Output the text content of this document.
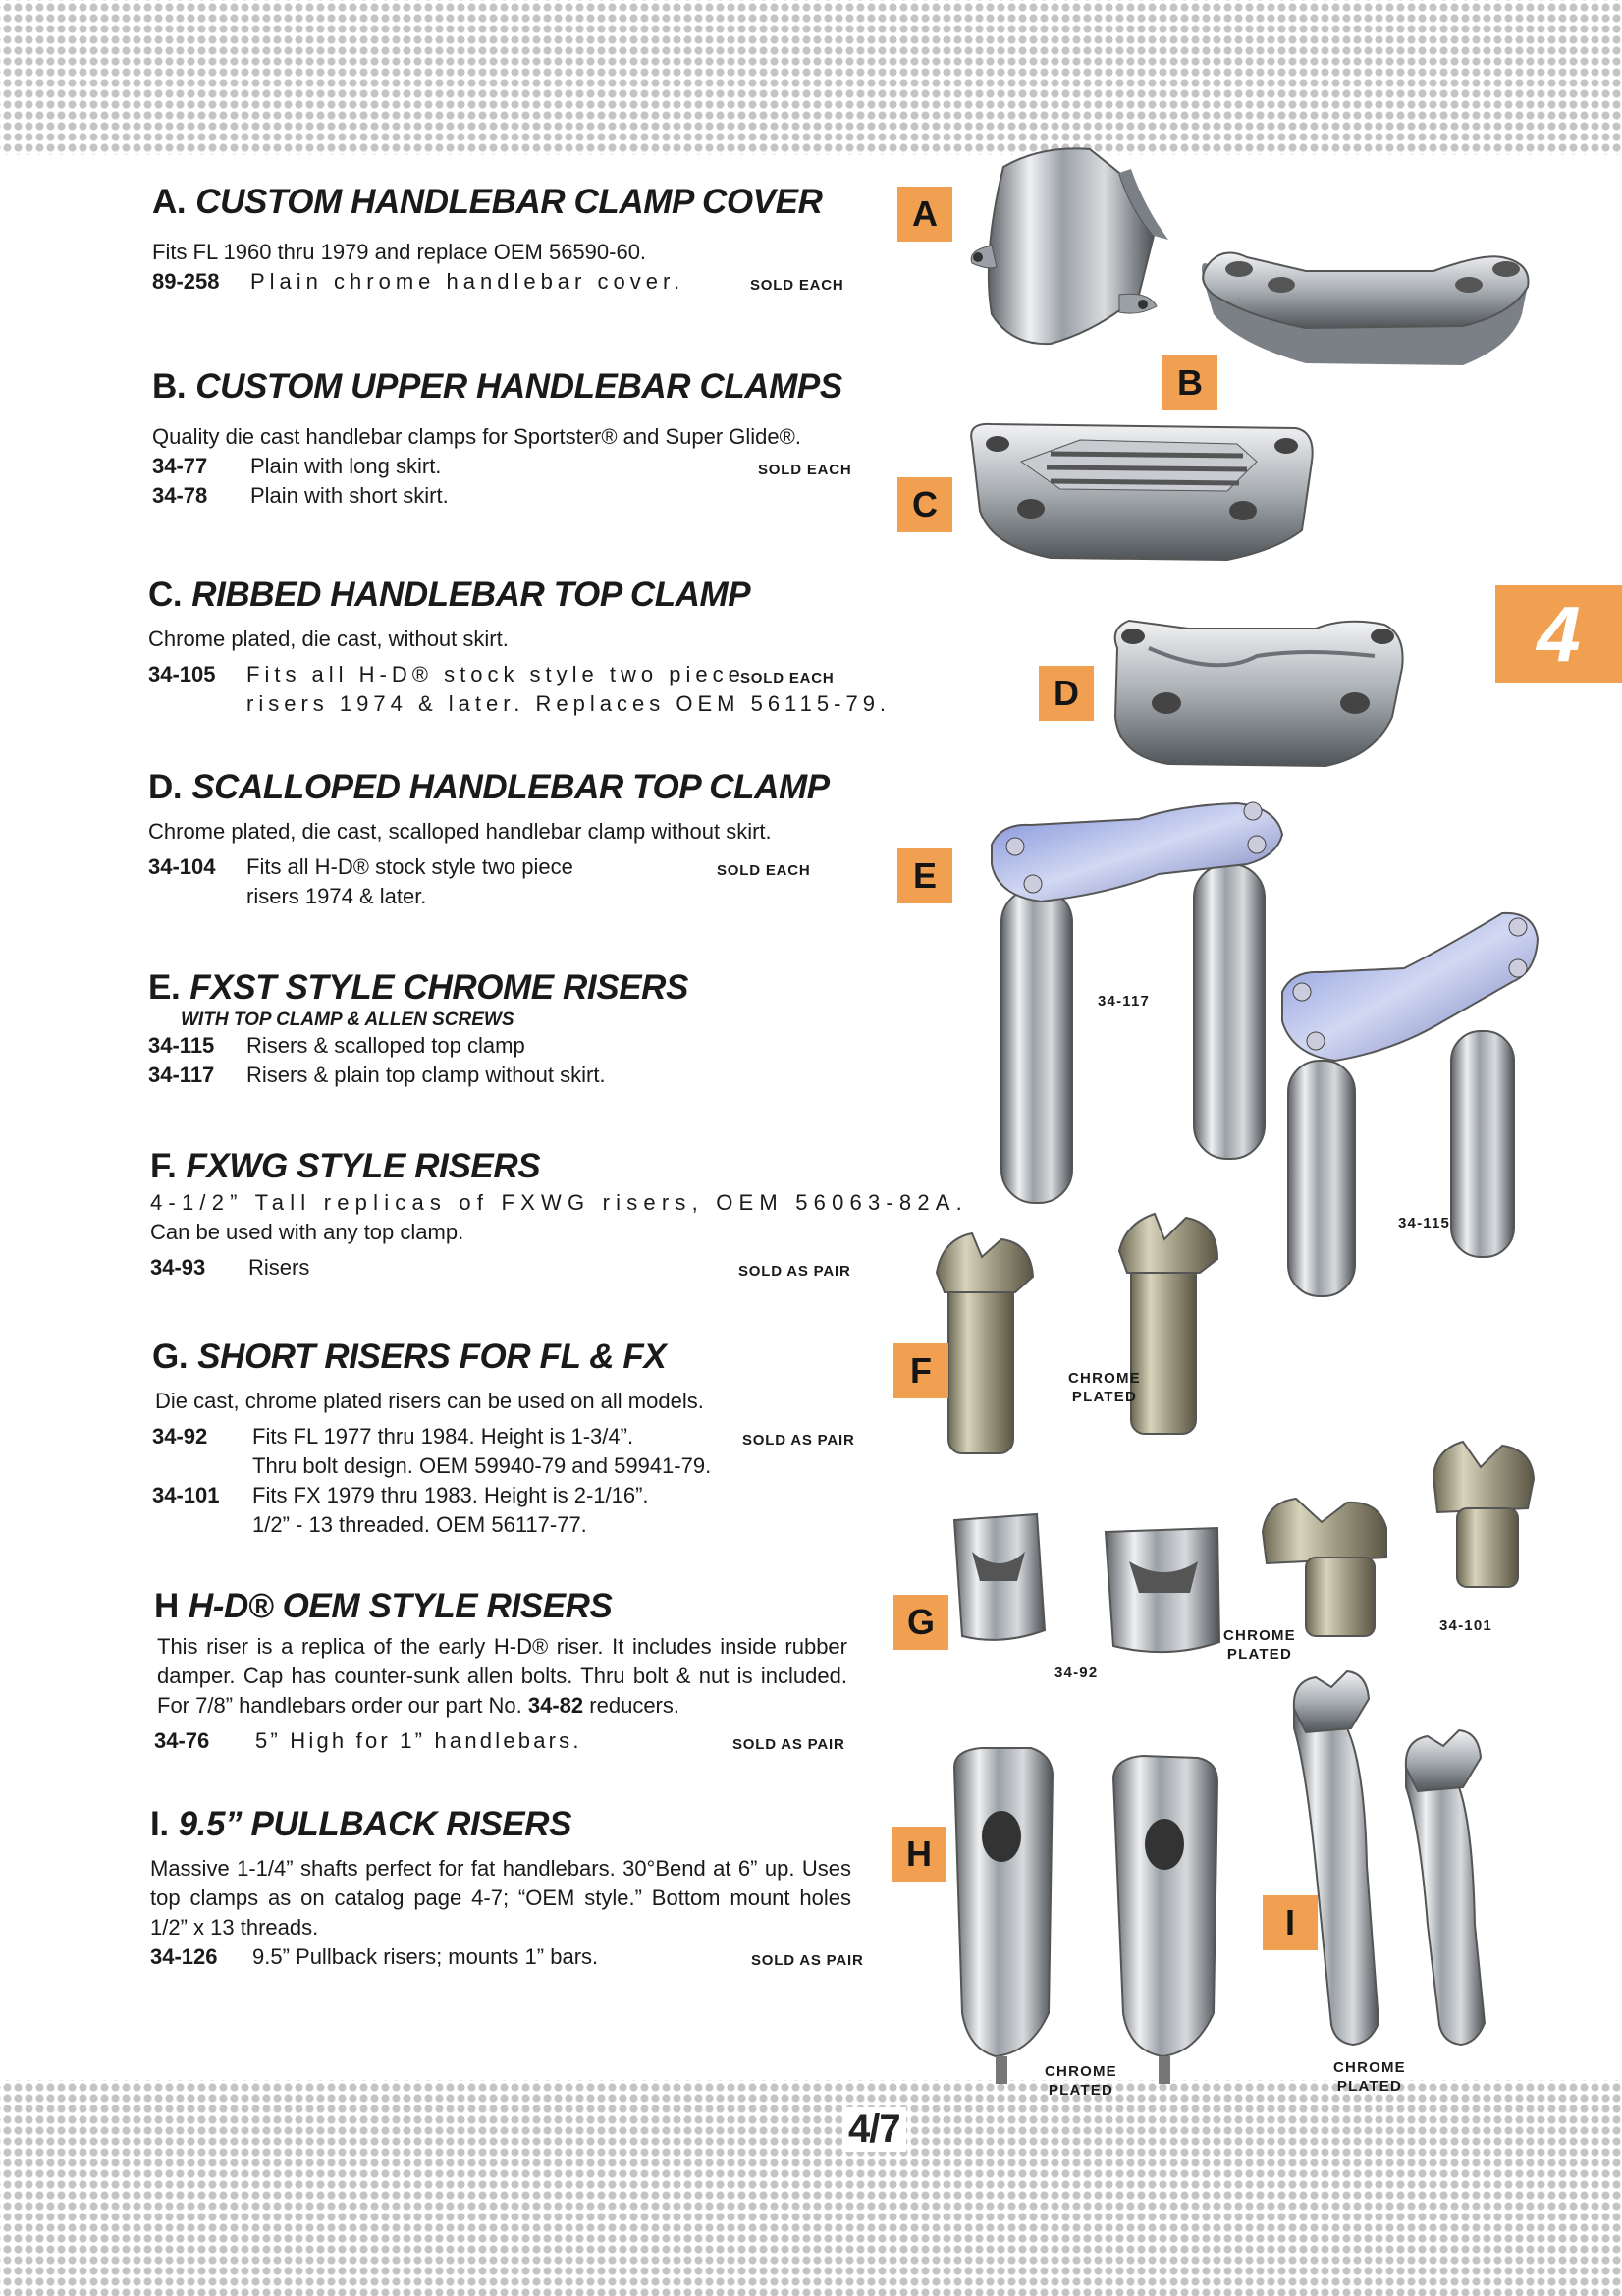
A
B
C
D
E
F
G
H
I
4
34-117
34-115
CHROME
PLATED
34-92
CHROME
PLATED
34-101
CHROME
PLATED
CHROME
PLATED
A. CUSTOM HANDLEBAR CLAMP COVER
Fits FL 1960 thru 1979 and replace OEM 56590-60.
89-258 Plain chrome handlebar cover.	SOLD EACH
B. CUSTOM UPPER HANDLEBAR CLAMPS
Quality die cast handlebar clamps for Sportster® and Super Glide®.
34-77 Plain with long skirt.	SOLD EACH
34-78 Plain with short skirt.
C. RIBBED HANDLEBAR TOP CLAMP
Chrome plated, die cast, without skirt.
34-105 Fits all H-D® stock style two piece
risers 1974 & later. Replaces OEM 56115-79.
SOLD EACH
D. SCALLOPED HANDLEBAR TOP CLAMP
Chrome plated, die cast, scalloped handlebar clamp without skirt.
34-104 Fits all H-D® stock style two piece
risers 1974 & later.
SOLD EACH
E. FXST STYLE CHROME RISERS
WITH TOP CLAMP & ALLEN SCREWS
34-115 Risers & scalloped top clamp
34-117 Risers & plain top clamp without skirt.
F. FXWG STYLE RISERS
4-1/2” Tall replicas of FXWG risers, OEM 56063-82A.
Can be used with any top clamp.
34-93 Risers	SOLD AS PAIR
G. SHORT RISERS FOR FL & FX
Die cast, chrome plated risers can be used on all models.
34-92 Fits FL 1977 thru 1984. Height is 1-3/4”.
Thru bolt design. OEM 59940-79 and 59941-79.
SOLD AS PAIR
34-101 Fits FX 1979 thru 1983. Height is 2-1/16”.
1/2” - 13 threaded. OEM 56117-77.
H H-D® OEM STYLE RISERS
This riser is a replica of the early H-D® riser. It includes inside rubber damper. Cap has counter-sunk allen bolts. Thru bolt & nut is included. For 7/8” handlebars order our part No. 34-82 reducers.
34-76 5” High for 1” handlebars.	SOLD AS PAIR
I. 9.5” PULLBACK RISERS
Massive 1-1/4” shafts perfect for fat handlebars. 30°Bend at 6” up. Uses top clamps as on catalog page 4-7; “OEM style.” Bottom mount holes 1/2” x 13 threads.
34-126 9.5” Pullback risers; mounts 1” bars.	SOLD AS PAIR
4/7
